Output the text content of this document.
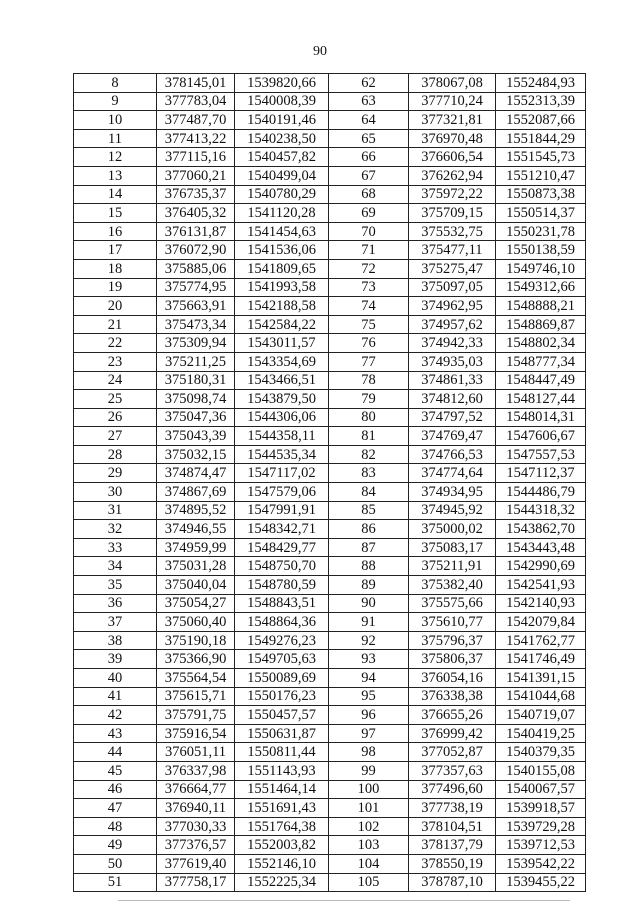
90
8	378145,01	1539820,66	62	378067,08	1552484,93
9	377783,04	1540008,39	63	377710,24	1552313,39
10	377487,70	1540191,46	64	377321,81	1552087,66
11	377413,22	1540238,50	65	376970,48	1551844,29
12	377115,16	1540457,82	66	376606,54	1551545,73
13	377060,21	1540499,04	67	376262,94	1551210,47
14	376735,37	1540780,29	68	375972,22	1550873,38
15	376405,32	1541120,28	69	375709,15	1550514,37
16	376131,87	1541454,63	70	375532,75	1550231,78
17	376072,90	1541536,06	71	375477,11	1550138,59
18	375885,06	1541809,65	72	375275,47	1549746,10
19	375774,95	1541993,58	73	375097,05	1549312,66
20	375663,91	1542188,58	74	374962,95	1548888,21
21	375473,34	1542584,22	75	374957,62	1548869,87
22	375309,94	1543011,57	76	374942,33	1548802,34
23	375211,25	1543354,69	77	374935,03	1548777,34
24	375180,31	1543466,51	78	374861,33	1548447,49
25	375098,74	1543879,50	79	374812,60	1548127,44
26	375047,36	1544306,06	80	374797,52	1548014,31
27	375043,39	1544358,11	81	374769,47	1547606,67
28	375032,15	1544535,34	82	374766,53	1547557,53
29	374874,47	1547117,02	83	374774,64	1547112,37
30	374867,69	1547579,06	84	374934,95	1544486,79
31	374895,52	1547991,91	85	374945,92	1544318,32
32	374946,55	1548342,71	86	375000,02	1543862,70
33	374959,99	1548429,77	87	375083,17	1543443,48
34	375031,28	1548750,70	88	375211,91	1542990,69
35	375040,04	1548780,59	89	375382,40	1542541,93
36	375054,27	1548843,51	90	375575,66	1542140,93
37	375060,40	1548864,36	91	375610,77	1542079,84
38	375190,18	1549276,23	92	375796,37	1541762,77
39	375366,90	1549705,63	93	375806,37	1541746,49
40	375564,54	1550089,69	94	376054,16	1541391,15
41	375615,71	1550176,23	95	376338,38	1541044,68
42	375791,75	1550457,57	96	376655,26	1540719,07
43	375916,54	1550631,87	97	376999,42	1540419,25
44	376051,11	1550811,44	98	377052,87	1540379,35
45	376337,98	1551143,93	99	377357,63	1540155,08
46	376664,77	1551464,14	100	377496,60	1540067,57
47	376940,11	1551691,43	101	377738,19	1539918,57
48	377030,33	1551764,38	102	378104,51	1539729,28
49	377376,57	1552003,82	103	378137,79	1539712,53
50	377619,40	1552146,10	104	378550,19	1539542,22
51	377758,17	1552225,34	105	378787,10	1539455,22
